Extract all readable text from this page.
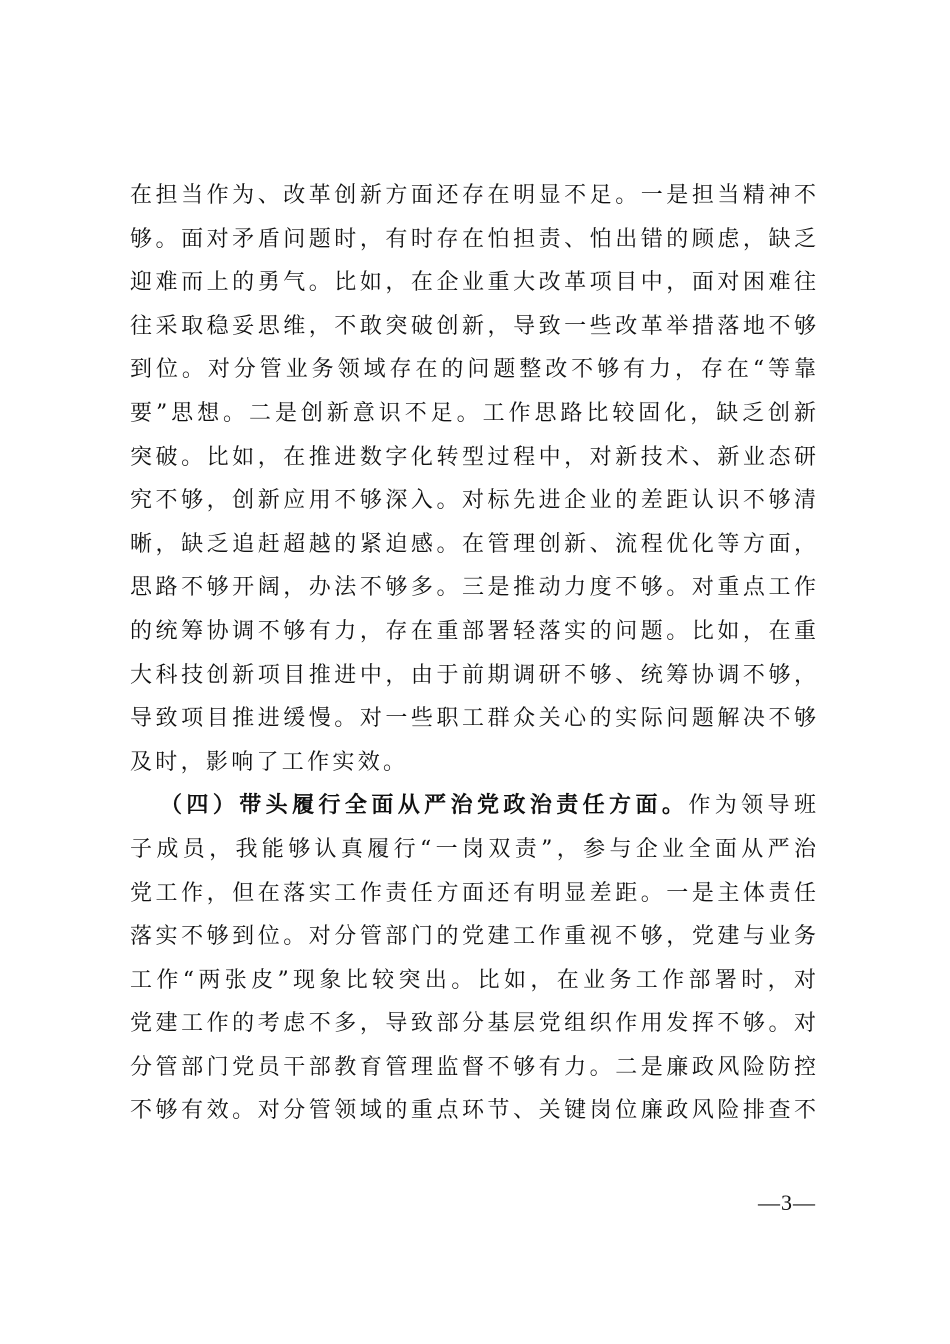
在担当作为、改革创新方面还存在明显不足。一是担当精神不
够。面对矛盾问题时，有时存在怕担责、怕出错的顾虑，缺乏
迎难而上的勇气。比如，在企业重大改革项目中，面对困难往
往采取稳妥思维，不敢突破创新，导致一些改革举措落地不够
到位。对分管业务领域存在的问题整改不够有力，存在“等靠
要”思想。二是创新意识不足。工作思路比较固化，缺乏创新
突破。比如，在推进数字化转型过程中，对新技术、新业态研
究不够，创新应用不够深入。对标先进企业的差距认识不够清
晰，缺乏追赶超越的紧迫感。在管理创新、流程优化等方面，
思路不够开阔，办法不够多。三是推动力度不够。对重点工作
的统筹协调不够有力，存在重部署轻落实的问题。比如，在重
大科技创新项目推进中，由于前期调研不够、统筹协调不够，
导致项目推进缓慢。对一些职工群众关心的实际问题解决不够
及时，影响了工作实效。
（四）带头履行全面从严治党政治责任方面。作为领导班
子成员，我能够认真履行“一岗双责”，参与企业全面从严治
党工作，但在落实工作责任方面还有明显差距。一是主体责任
落实不够到位。对分管部门的党建工作重视不够，党建与业务
工作“两张皮”现象比较突出。比如，在业务工作部署时，对
党建工作的考虑不多，导致部分基层党组织作用发挥不够。对
分管部门党员干部教育管理监督不够有力。二是廉政风险防控
不够有效。对分管领域的重点环节、关键岗位廉政风险排查不
—3—
